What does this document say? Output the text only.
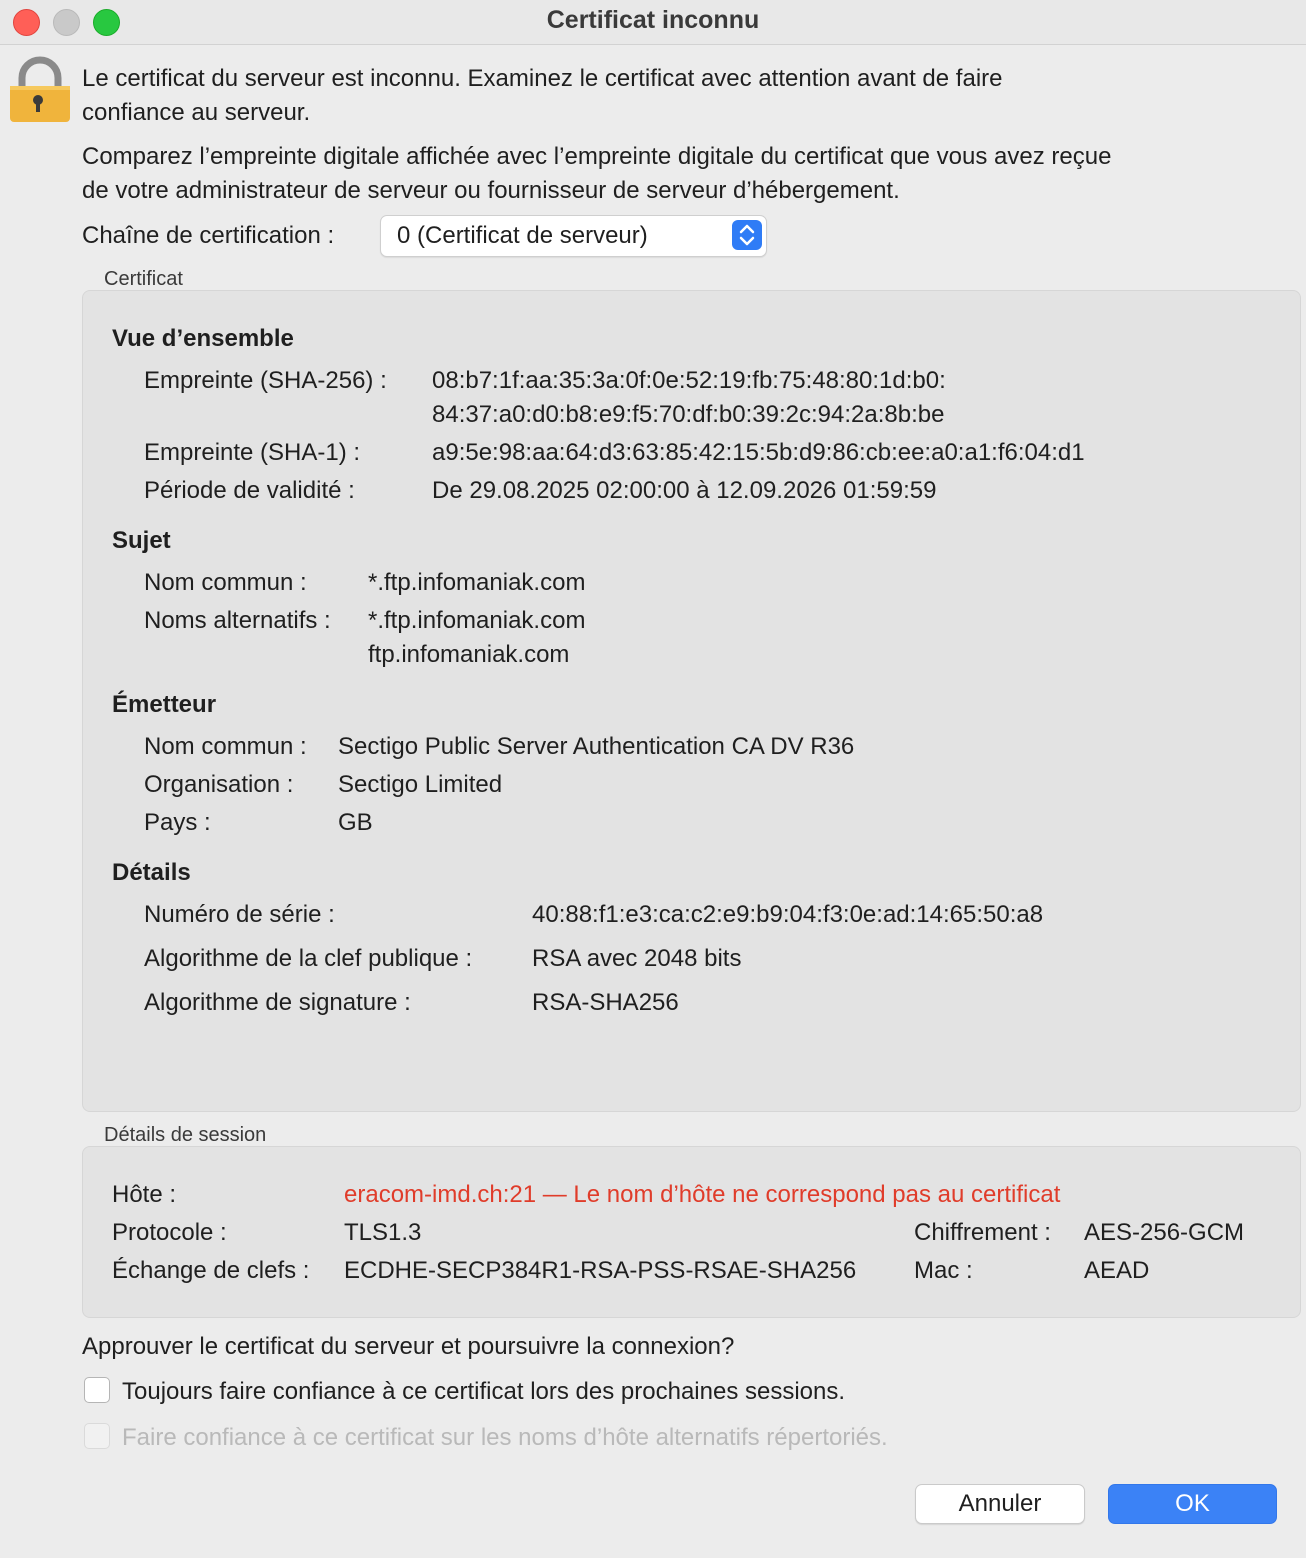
Certificat inconnu
Le certificat du serveur est inconnu. Examinez le certificat avec attention avant de faire
confiance au serveur.
Comparez l’empreinte digitale affichée avec l’empreinte digitale du certificat que vous avez reçue
de votre administrateur de serveur ou fournisseur de serveur d’hébergement.
Chaîne de certification :	0 (Certificat de serveur)
Certificat
Vue d’ensemble
Empreinte (SHA-256) : 08:b7:1f:aa:35:3a:0f:0e:52:19:fb:75:48:80:1d:b0:
84:37:a0:d0:b8:e9:f5:70:df:b0:39:2c:94:2a:8b:be
Empreinte (SHA-1) :	a9:5e:98:aa:64:d3:63:85:42:15:5b:d9:86:cb:ee:a0:a1:f6:04:d1
Période de validité :	De 29.08.2025 02:00:00 à 12.09.2026 01:59:59
Sujet
Nom commun :	*.ftp.infomaniak.com
Noms alternatifs : *.ftp.infomaniak.com
ftp.infomaniak.com
Émetteur
Nom commun : Sectigo Public Server Authentication CA DV R36
Organisation : Sectigo Limited
Pays :	GB
Détails
Numéro de série :	40:88:f1:e3:ca:c2:e9:b9:04:f3:0e:ad:14:65:50:a8
Algorithme de la clef publique : RSA avec 2048 bits
Algorithme de signature :	RSA-SHA256
Détails de session
Hôte :	eracom-imd.ch:21 — Le nom d’hôte ne correspond pas au certificat
Protocole :	TLS1.3	Chiffrement : AES-256-GCM
Échange de clefs : ECDHE-SECP384R1-RSA-PSS-RSAE-SHA256 Mac :	AEAD
Approuver le certificat du serveur et poursuivre la connexion?
Toujours faire confiance à ce certificat lors des prochaines sessions.
Faire confiance à ce certificat sur les noms d’hôte alternatifs répertoriés.
Annuler	OK
